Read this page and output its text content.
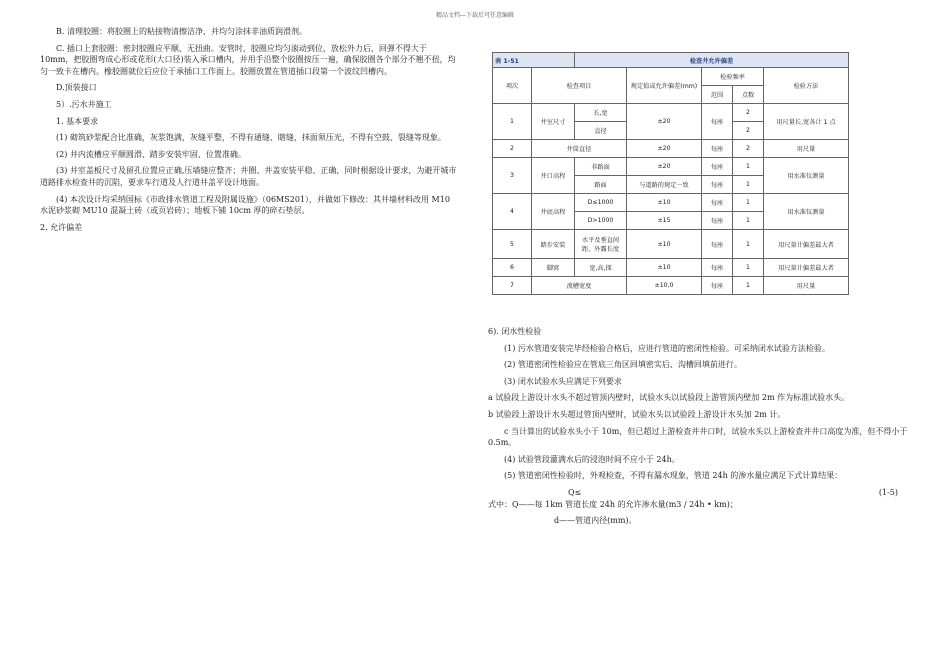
精品文档---下载后可任意编辑

B. 清理胶圈：将胶圈上的粘接物清擦洁净，并均匀涂抹非油质润滑剂。

C. 插口上套胶圈：密封胶圈应平顺、无扭曲。安管时，胶圈应均匀滚动到位，放松外力后，回弹不得大于 10mm，把胶圈弯成心形或花形(大口径)装入承口槽内，并用手沿整个胶圈按压一遍，确保胶圈各个部分不翘不扭，均匀一致卡在槽内。橡胶圈就位后应位于承插口工作面上。胶圈放置在管道插口段第一个波纹凹槽内。

D.顶装接口

5）.污水井施工

1. 基本要求

(1) 砌筑砂浆配合比准确，灰浆饱满，灰缝平整，不得有通缝、瞎缝，抹面须压光，不得有空鼓、裂缝等现象。

(2) 井内流槽应平顺圆滑、踏步安装牢固、位置准确。

(3) 井室盖板尺寸及留孔位置应正确,压墙缝应整齐；井圈、井盖安装平稳、正确，同时根据设计要求，为避开城市道路排水检查井的沉陷，要求车行道及人行道井盖平设计地面。

(4) 本次设计均采纳国标《市政排水管道工程及附属设施》（06MS201），并做如下修改：其井墙材料改用 M10 水泥砂浆砌 MU10 混凝土砖（或页岩砖）；地板下铺 10cm 厚的碎石垫层。

2. 允许偏差

表 1-51		检查井允许偏差				
项次	检查项目		规定值或允许偏差(mm)	检验频率		检验方法
				范围	点数	
1	井室尺寸	长,宽	±20	每座	2	用尺量长,宽各计 1 点
		直径			2	
2	井筒直径		±20	每座	2	用尺量
3	井口高程	非路面	±20	每座	1	用水准仪测量
		路面	与道路的规定一致	每座	1	
4	井底高程	D≤1000	±10	每座	1	用水准仪测量
		D>1000	±15	每座	1	
5	踏步安装	水平及垂直间距、外露长度	±10	每座	1	用尺量计偏差最大者
6	脚窝	宽,高,探	±10	每座	1	用尺量计偏差最大者
7	流槽宽度		±10,0	每座	1	用尺量

6). 闭水性检验

(1) 污水管道安装完毕经检验合格后，应进行管道的密闭性检验。可采纳闭水试验方法检验。

(2) 管道密闭性检验应在管底三角区回填密实后、沟槽回填前进行。

(3) 闭水试验水头应满足下列要求

a 试验段上游设计水头不超过管顶内壁时，试验水头以试验段上游管顶内壁加 2m 作为标准试验水头。

b 试验段上游设计水头超过管顶内壁时，试验水头以试验段上游设计水头加 2m 计。

c 当计算出的试验水头小于 10m，但已超过上游检查井井口时，试验水头以上游检查井井口高度为准，但不得小于 0.5m。

(4) 试验管段灌满水后的浸泡时间不应小于 24h。

(5) 管道密闭性检验时，外观检查，不得有漏水现象，管道 24h 的渗水量应满足下式计算结果：

Q≤	(1-5)

式中：Q——每 1km 管道长度 24h 的允许渗水量(m3 / 24h • km)；

d——管道内径(mm)。
